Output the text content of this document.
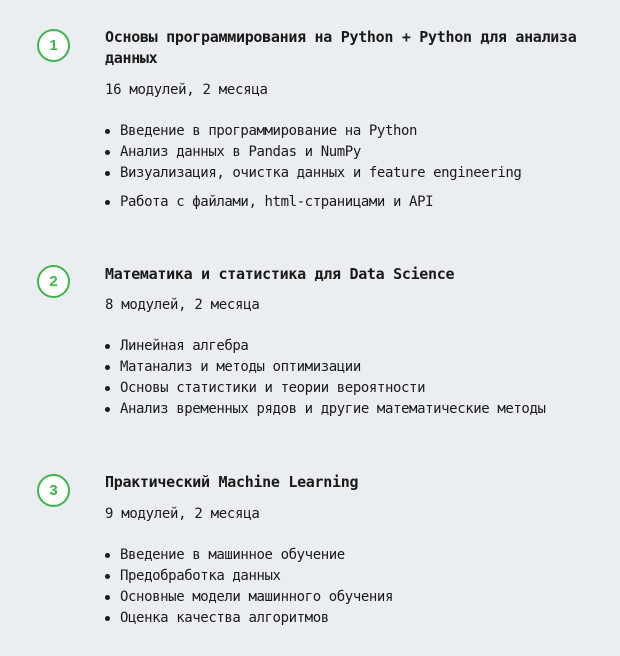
1	Основы программирования на Python + Python для анализа данных

16 модулей, 2 месяца

Введение в программирование на Python
Анализ данных в Pandas и NumPy
Визуализация, очистка данных и feature engineering
Работа с файлами, html-страницами и API
2	Математика и статистика для Data Science

8 модулей, 2 месяца

Линейная алгебра
Матанализ и методы оптимизации
Основы статистики и теории вероятности
Анализ временных рядов и другие математические методы
3	Практический Machine Learning

9 модулей, 2 месяца

Введение в машинное обучение
Предобработка данных
Основные модели машинного обучения
Оценка качества алгоритмов
